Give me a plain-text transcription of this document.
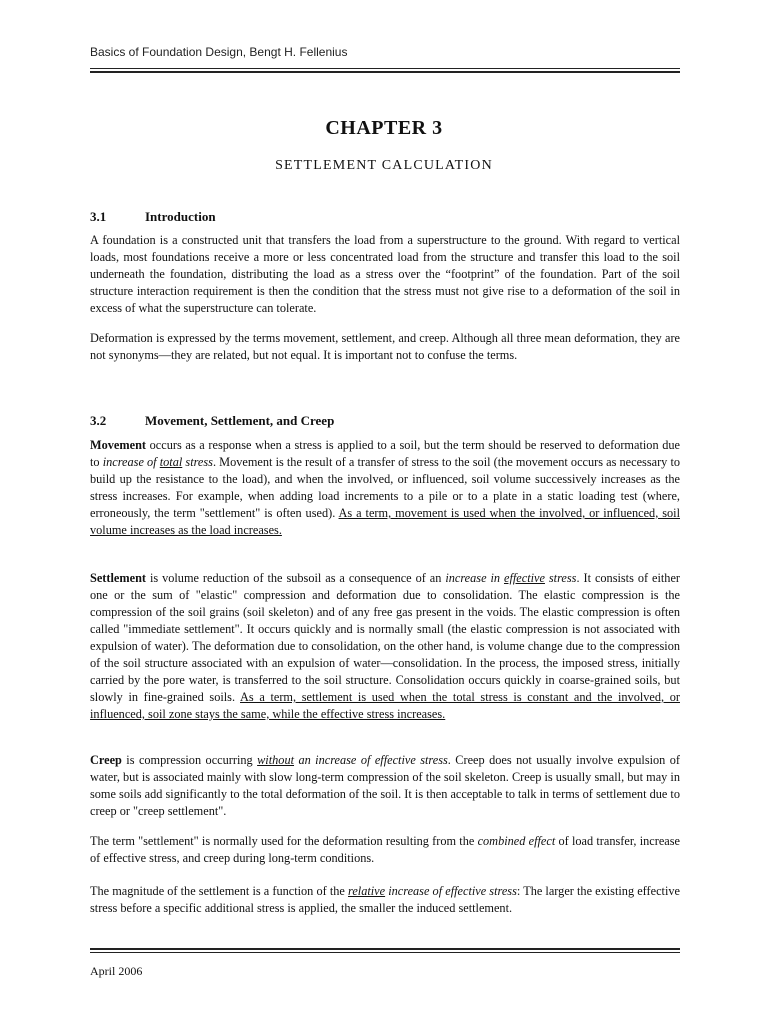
Basics of Foundation Design, Bengt H. Fellenius
CHAPTER 3
SETTLEMENT CALCULATION
3.1	Introduction
A foundation is a constructed unit that transfers the load from a superstructure to the ground. With regard to vertical loads, most foundations receive a more or less concentrated load from the structure and transfer this load to the soil underneath the foundation, distributing the load as a stress over the “footprint” of the foundation. Part of the soil structure interaction requirement is then the condition that the stress must not give rise to a deformation of the soil in excess of what the superstructure can tolerate.
Deformation is expressed by the terms movement, settlement, and creep. Although all three mean deformation, they are not synonyms—they are related, but not equal. It is important not to confuse the terms.
3.2	Movement, Settlement, and Creep
Movement occurs as a response when a stress is applied to a soil, but the term should be reserved to deformation due to increase of total stress. Movement is the result of a transfer of stress to the soil (the movement occurs as necessary to build up the resistance to the load), and when the involved, or influenced, soil volume successively increases as the stress increases. For example, when adding load increments to a pile or to a plate in a static loading test (where, erroneously, the term "settlement" is often used). As a term, movement is used when the involved, or influenced, soil volume increases as the load increases.
Settlement is volume reduction of the subsoil as a consequence of an increase in effective stress. It consists of either one or the sum of "elastic" compression and deformation due to consolidation. The elastic compression is the compression of the soil grains (soil skeleton) and of any free gas present in the voids. The elastic compression is often called "immediate settlement". It occurs quickly and is normally small (the elastic compression is not associated with expulsion of water). The deformation due to consolidation, on the other hand, is volume change due to the compression of the soil structure associated with an expulsion of water—consolidation. In the process, the imposed stress, initially carried by the pore water, is transferred to the soil structure. Consolidation occurs quickly in coarse-grained soils, but slowly in fine-grained soils. As a term, settlement is used when the total stress is constant and the involved, or influenced, soil zone stays the same, while the effective stress increases.
Creep is compression occurring without an increase of effective stress. Creep does not usually involve expulsion of water, but is associated mainly with slow long-term compression of the soil skeleton. Creep is usually small, but may in some soils add significantly to the total deformation of the soil. It is then acceptable to talk in terms of settlement due to creep or "creep settlement".
The term "settlement" is normally used for the deformation resulting from the combined effect of load transfer, increase of effective stress, and creep during long-term conditions.
The magnitude of the settlement is a function of the relative increase of effective stress: The larger the existing effective stress before a specific additional stress is applied, the smaller the induced settlement.
April 2006
